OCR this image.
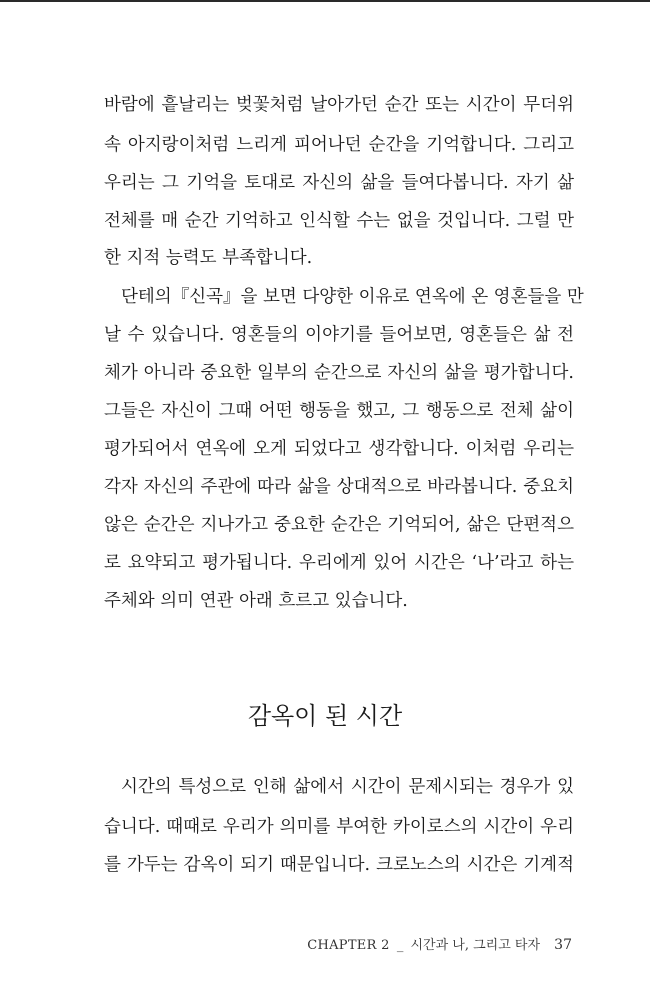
바람에 흩날리는 벚꽃처럼 날아가던 순간 또는 시간이 무더위
속 아지랑이처럼 느리게 피어나던 순간을 기억합니다. 그리고
우리는 그 기억을 토대로 자신의 삶을 들여다봅니다. 자기 삶
전체를 매 순간 기억하고 인식할 수는 없을 것입니다. 그럴 만
한 지적 능력도 부족합니다.
단테의『신곡』을 보면 다양한 이유로 연옥에 온 영혼들을 만
날 수 있습니다. 영혼들의 이야기를 들어보면, 영혼들은 삶 전
체가 아니라 중요한 일부의 순간으로 자신의 삶을 평가합니다.
그들은 자신이 그때 어떤 행동을 했고, 그 행동으로 전체 삶이
평가되어서 연옥에 오게 되었다고 생각합니다. 이처럼 우리는
각자 자신의 주관에 따라 삶을 상대적으로 바라봅니다. 중요치
않은 순간은 지나가고 중요한 순간은 기억되어, 삶은 단편적으
로 요약되고 평가됩니다. 우리에게 있어 시간은 ‘나’라고 하는
주체와 의미 연관 아래 흐르고 있습니다.
감옥이 된 시간
시간의 특성으로 인해 삶에서 시간이 문제시되는 경우가 있
습니다. 때때로 우리가 의미를 부여한 카이로스의 시간이 우리
를 가두는 감옥이 되기 때문입니다. 크로노스의 시간은 기계적
CHAPTER 2 _ 시간과 나, 그리고 타자 37
